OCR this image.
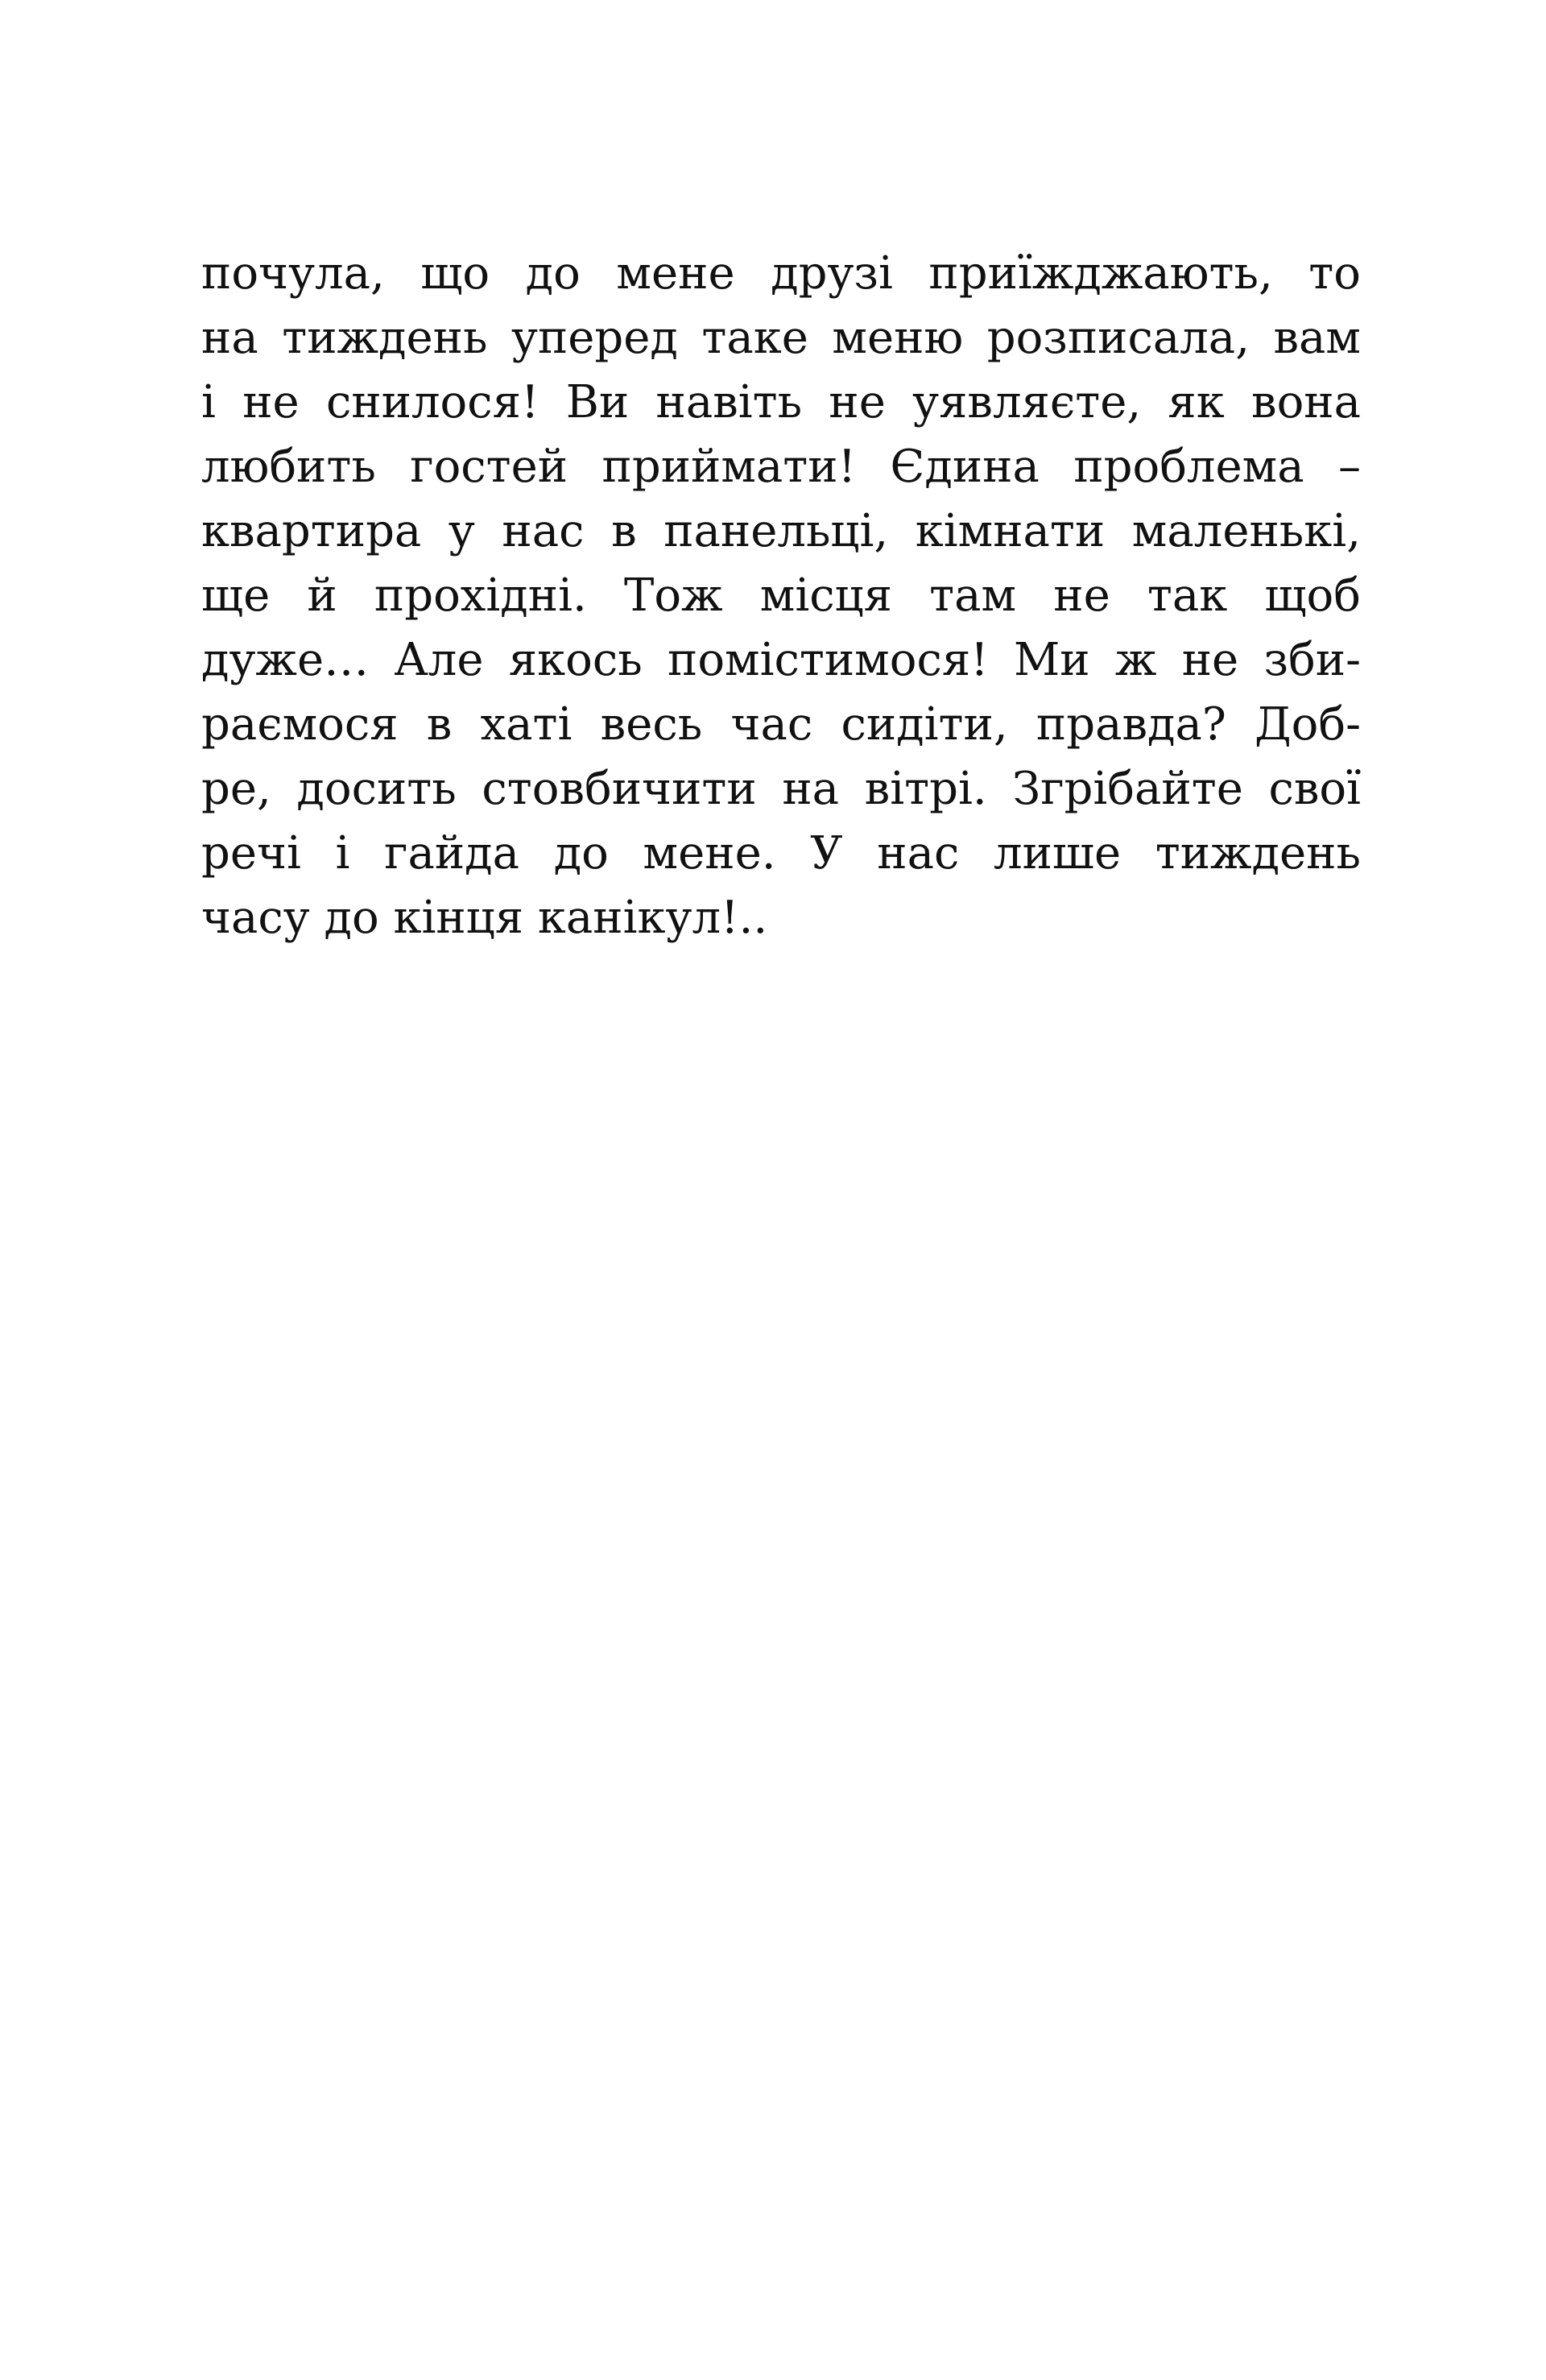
почула, що до мене друзі приїжджають, то
на тиждень уперед таке меню розписала, вам
і не снилося! Ви навіть не уявляєте, як вона
любить гостей приймати! Єдина проблема –
квартира у нас в панельці, кімнати маленькі,
ще й прохідні. Тож місця там не так щоб
дуже… Але якось помістимося! Ми ж не зби-
раємося в хаті весь час сидіти, правда? Доб-
ре, досить стовбичити на вітрі. Згрібайте свої
речі і гайда до мене. У нас лише тиждень
часу до кінця канікул!..
